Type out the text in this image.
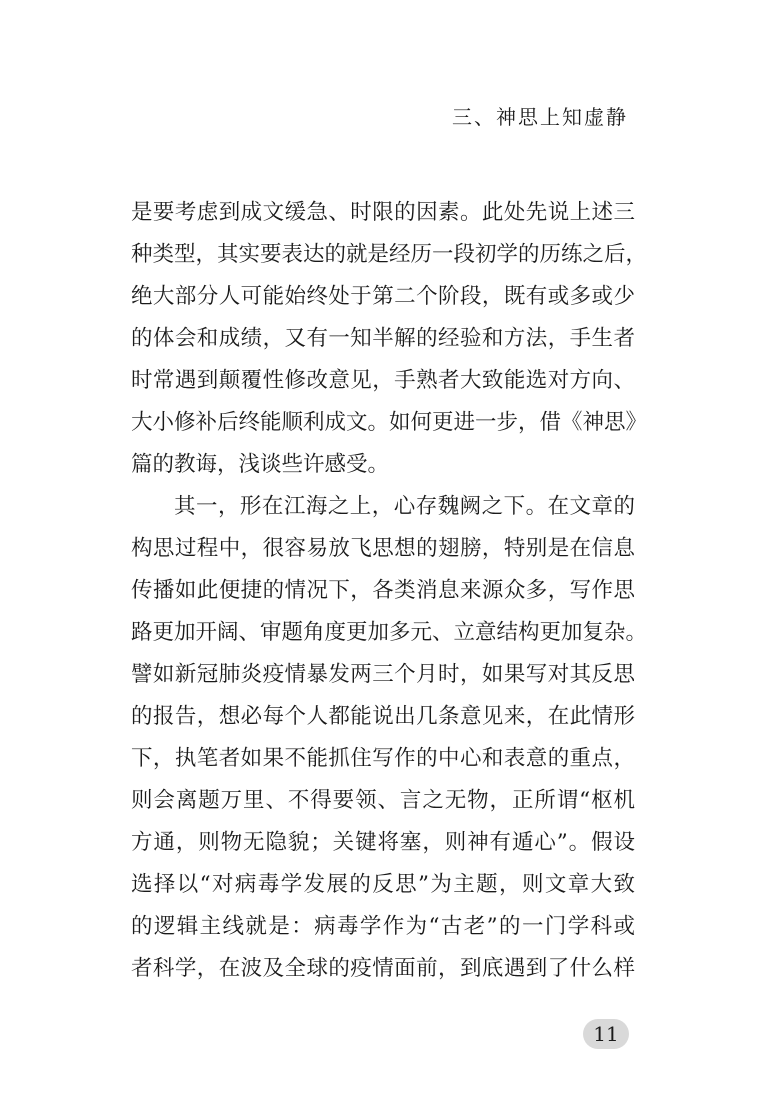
三、神思上知虚静
是要考虑到成文缓急、时限的因素。此处先说上述三
种类型，其实要表达的就是经历一段初学的历练之后，
绝大部分人可能始终处于第二个阶段，既有或多或少
的体会和成绩，又有一知半解的经验和方法，手生者
时常遇到颠覆性修改意见，手熟者大致能选对方向、
大小修补后终能顺利成文。如何更进一步，借《神思》
篇的教诲，浅谈些许感受。
其一，形在江海之上，心存魏阙之下。在文章的
构思过程中，很容易放飞思想的翅膀，特别是在信息
传播如此便捷的情况下，各类消息来源众多，写作思
路更加开阔、审题角度更加多元、立意结构更加复杂。
譬如新冠肺炎疫情暴发两三个月时，如果写对其反思
的报告，想必每个人都能说出几条意见来，在此情形
下，执笔者如果不能抓住写作的中心和表意的重点，
则会离题万里、不得要领、言之无物，正所谓“枢机
方通，则物无隐貌；关键将塞，则神有遁心”。假设
选择以“对病毒学发展的反思”为主题，则文章大致
的逻辑主线就是：病毒学作为“古老”的一门学科或
者科学，在波及全球的疫情面前，到底遇到了什么样
11
